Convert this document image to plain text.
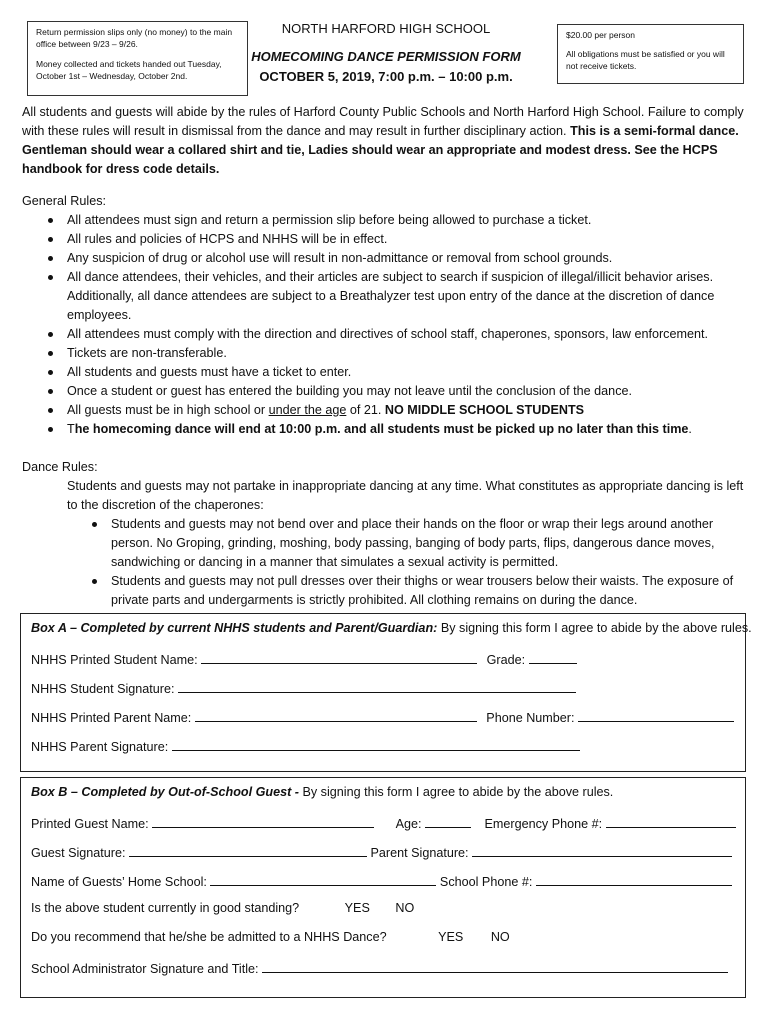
Return permission slips only (no money) to the main office between 9/23 – 9/26.

Money collected and tickets handed out Tuesday, October 1st – Wednesday, October 2nd.

NORTH HARFORD HIGH SCHOOL
HOMECOMING DANCE PERMISSION FORM
OCTOBER 5, 2019, 7:00 p.m. – 10:00 p.m.

$20.00 per person

All obligations must be satisfied or you will not receive tickets.

All students and guests will abide by the rules of Harford County Public Schools and North Harford High School. Failure to comply with these rules will result in dismissal from the dance and may result in further disciplinary action. This is a semi-formal dance. Gentleman should wear a collared shirt and tie, Ladies should wear an appropriate and modest dress. See the HCPS handbook for dress code details.
General Rules:
All attendees must sign and return a permission slip before being allowed to purchase a ticket.
All rules and policies of HCPS and NHHS will be in effect.
Any suspicion of drug or alcohol use will result in non-admittance or removal from school grounds.
All dance attendees, their vehicles, and their articles are subject to search if suspicion of illegal/illicit behavior arises. Additionally, all dance attendees are subject to a Breathalyzer test upon entry of the dance at the discretion of dance employees.
All attendees must comply with the direction and directives of school staff, chaperones, sponsors, law enforcement.
Tickets are non-transferable.
All students and guests must have a ticket to enter.
Once a student or guest has entered the building you may not leave until the conclusion of the dance.
All guests must be in high school or under the age of 21. NO MIDDLE SCHOOL STUDENTS
The homecoming dance will end at 10:00 p.m. and all students must be picked up no later than this time.
Dance Rules:
Students and guests may not partake in inappropriate dancing at any time. What constitutes as appropriate dancing is left to the discretion of the chaperones:
Students and guests may not bend over and place their hands on the floor or wrap their legs around another person. No Groping, grinding, moshing, body passing, banging of body parts, flips, dangerous dance moves, sandwiching or dancing in a manner that simulates a sexual activity is permitted.
Students and guests may not pull dresses over their thighs or wear trousers below their waists. The exposure of private parts and undergarments is strictly prohibited. All clothing remains on during the dance.
Box A – Completed by current NHHS students and Parent/Guardian: By signing this form I agree to abide by the above rules.
NHHS Printed Student Name:	Grade:
NHHS Student Signature:
NHHS Printed Parent Name:	Phone Number:
NHHS Parent Signature:
Box B – Completed by Out-of-School Guest - By signing this form I agree to abide by the above rules.
Printed Guest Name:	Age:	Emergency Phone #:
Guest Signature:	Parent Signature:
Name of Guests’ Home School:	School Phone #:
Is the above student currently in good standing?	YES NO
Do you recommend that he/she be admitted to a NHHS Dance?	YES NO
School Administrator Signature and Title:
